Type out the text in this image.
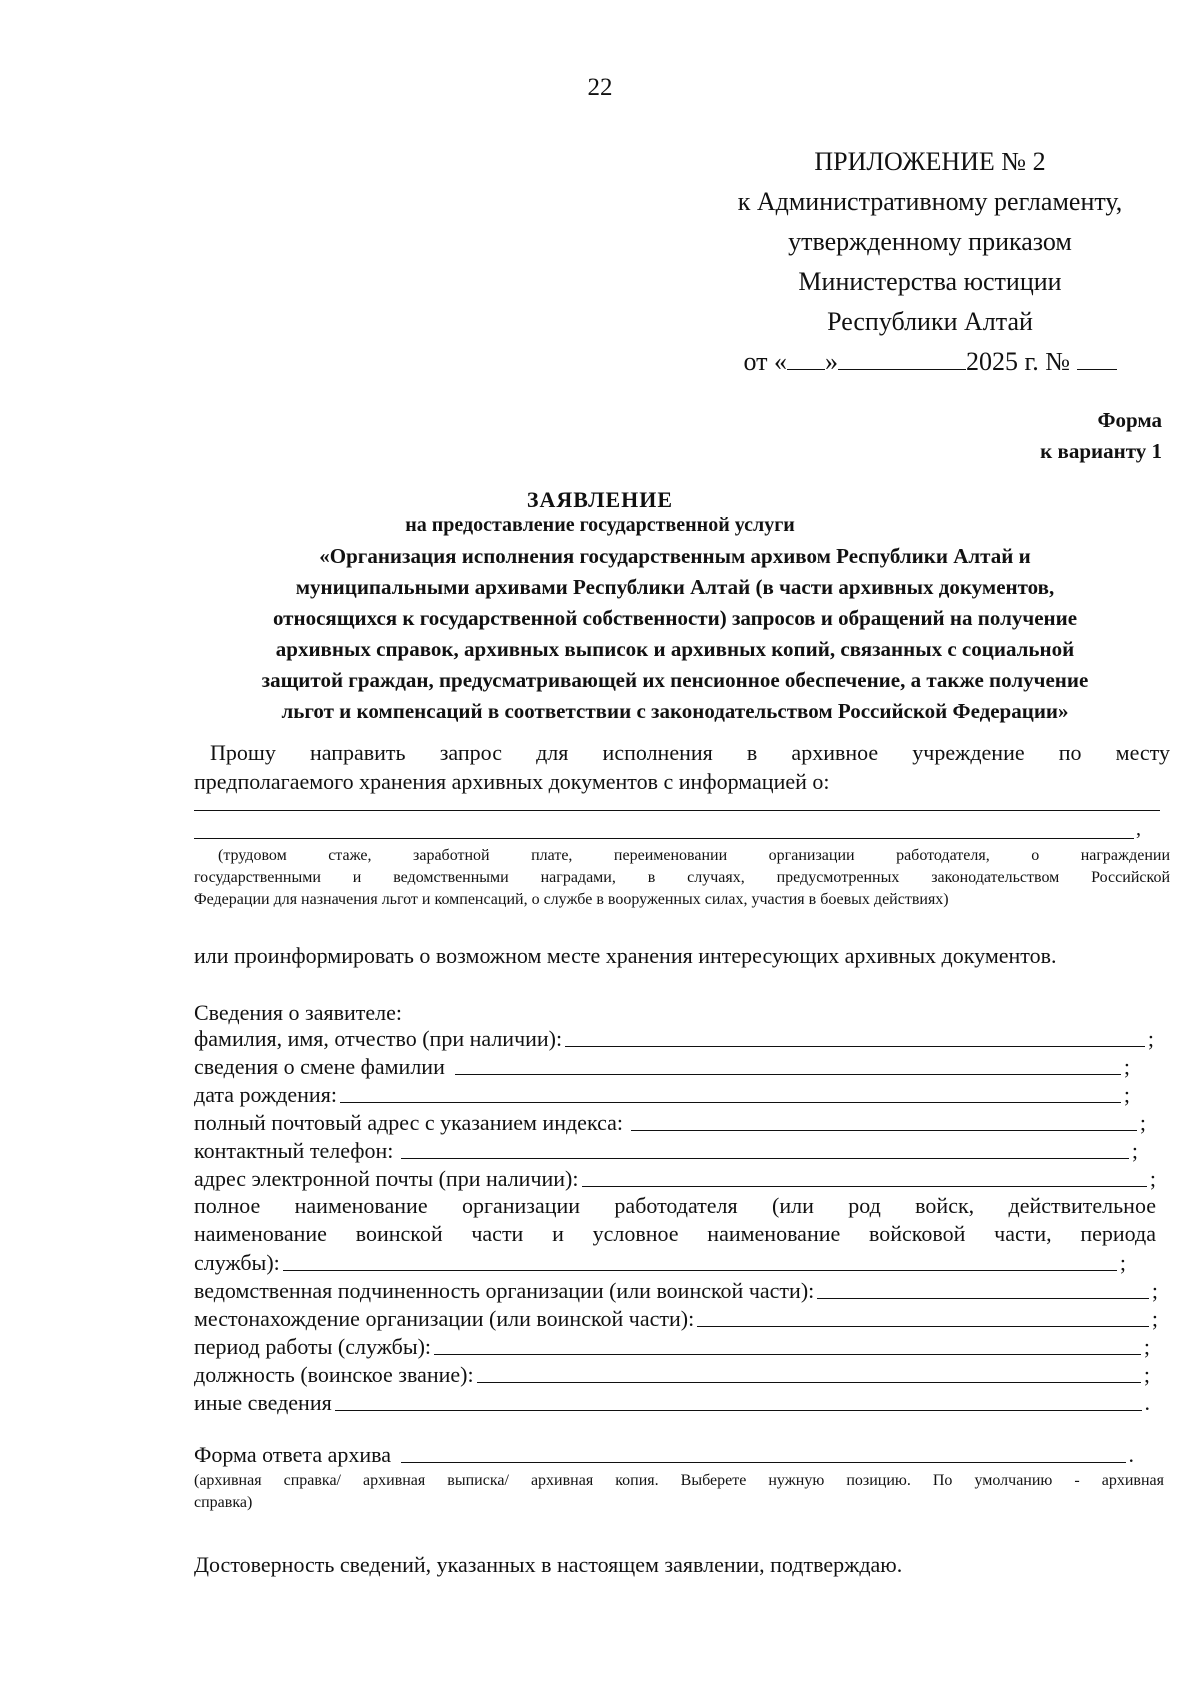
22
ПРИЛОЖЕНИЕ № 2
к Административному регламенту,
утвержденному приказом
Министерства юстиции
Республики Алтай
от « »	2025 г. №
Форма
к варианту 1
ЗАЯВЛЕНИЕ
на предоставление государственной услуги
«Организация исполнения государственным архивом Республики Алтай и
муниципальными архивами Республики Алтай (в части архивных документов,
относящихся к государственной собственности) запросов и обращений на получение
архивных справок, архивных выписок и архивных копий, связанных с социальной
защитой граждан, предусматривающей их пенсионное обеспечение, а также получение
льгот и компенсаций в соответствии с законодательством Российской Федерации»
Прошу направить запрос для исполнения в архивное учреждение по месту
предполагаемого хранения архивных документов с информацией о:
,
(трудовом стаже, заработной плате, переименовании организации работодателя, о награждении
государственными и ведомственными наградами, в случаях, предусмотренных законодательством Российской
Федерации для назначения льгот и компенсаций, о службе в вооруженных силах, участия в боевых действиях)
или проинформировать о возможном месте хранения интересующих архивных документов.
Сведения о заявителе:
фамилия, имя, отчество (при наличии):	;
сведения о смене фамилии	;
дата рождения:	;
полный почтовый адрес с указанием индекса:	;
контактный телефон:	;
адрес электронной почты (при наличии):	;
полное наименование организации работодателя (или род войск, действительное
наименование воинской части и условное наименование войсковой части, периода
службы):	;
ведомственная подчиненность организации (или воинской части):	;
местонахождение организации (или воинской части):	;
период работы (службы):	;
должность (воинское звание):	;
иные сведения	.
Форма ответа архива	.
(архивная справка/ архивная выписка/ архивная копия. Выберете нужную позицию. По умолчанию - архивная
справка)
Достоверность сведений, указанных в настоящем заявлении, подтверждаю.
